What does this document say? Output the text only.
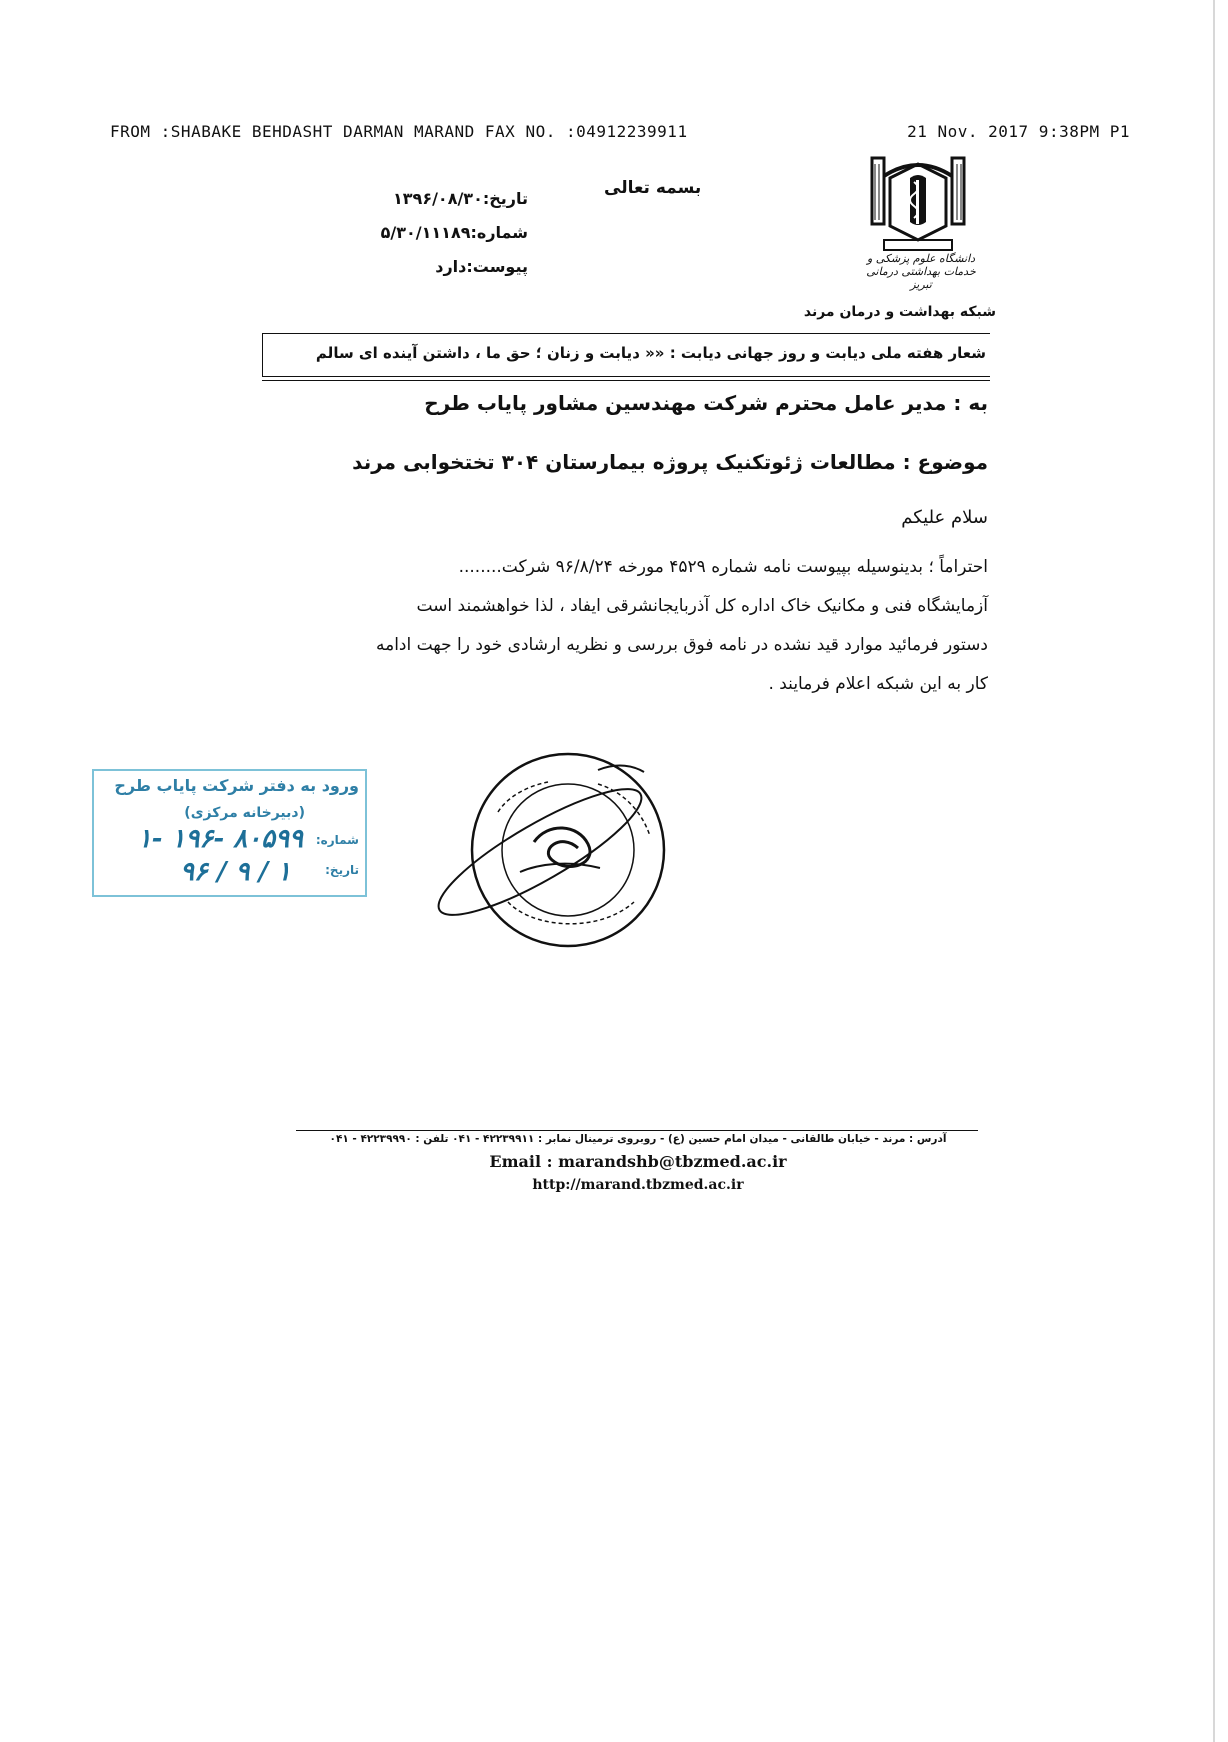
FROM :SHABAKE BEHDASHT DARMAN MARAND FAX NO. :04912239911	21 Nov. 2017 9:38PM P1
دانشگاه علوم پزشکی و خدمات بهداشتی درمانی تبریز
شبکه بهداشت و درمان مرند
بسمه تعالی
تاریخ:۱۳۹۶/۰۸/۳۰
شماره:۵/۳۰/۱۱۱۸۹
پیوست:دارد
شعار هفته ملی دیابت و روز جهانی دیابت : «« دیابت و زنان ؛ حق ما ، داشتن آینده ای سالم
به : مدیر عامل محترم شرکت مهندسین مشاور پایاب طرح
موضوع : مطالعات ژئوتکنیک پروژه بیمارستان ۳۰۴ تختخوابی مرند
سلام علیکم
احتراماً ؛ بدینوسیله بپیوست نامه شماره ۴۵۲۹ مورخه ۹۶/۸/۲۴ شرکت........
آزمایشگاه فنی و مکانیک خاک اداره کل آذربایجانشرقی ایفاد ، لذا خواهشمند است
دستور فرمائید موارد قید نشده در نامه فوق بررسی و نظریه ارشادی خود را جهت ادامه
کار به این شبکه اعلام فرمایند .
ورود به دفتر شرکت پایاب طرح
(دبیرخانه مرکزی)
شماره:
۱- ۱۹۶- ۸۰۵۹۹
تاریخ:
۹۶ / ۹ / ۱
آدرس : مرند - خیابان طالقانی - میدان امام حسین (ع) - روبروی ترمینال نمابر : ۴۲۲۳۹۹۱۱ - ۰۴۱ تلفن : ۴۲۲۳۹۹۹۰ - ۰۴۱
Email : marandshb@tbzmed.ac.ir
http://marand.tbzmed.ac.ir
